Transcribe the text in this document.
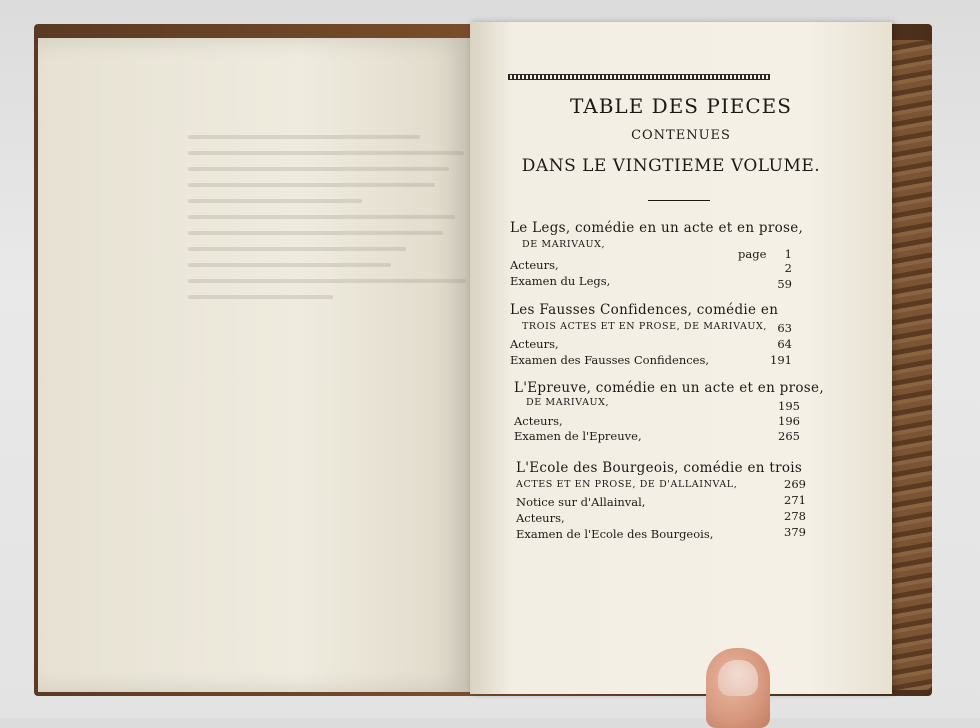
TABLE DES PIECES
CONTENUES
DANS LE VINGTIEME VOLUME.
Le Legs, comédie en un acte et en prose,
DE MARIVAUX,
page	1
Acteurs,	2
Examen du Legs,	59
Les Fausses Confidences, comédie en
TROIS ACTES ET EN PROSE, DE MARIVAUX, 63
Acteurs,	64
Examen des Fausses Confidences,	191
L'Epreuve, comédie en un acte et en prose,
DE MARIVAUX,	195
Acteurs,	196
Examen de l'Epreuve,	265
L'Ecole des Bourgeois, comédie en trois
ACTES ET EN PROSE, DE D'ALLAINVAL,	269
Notice sur d'Allainval,	271
Acteurs,	278
Examen de l'Ecole des Bourgeois,	379
